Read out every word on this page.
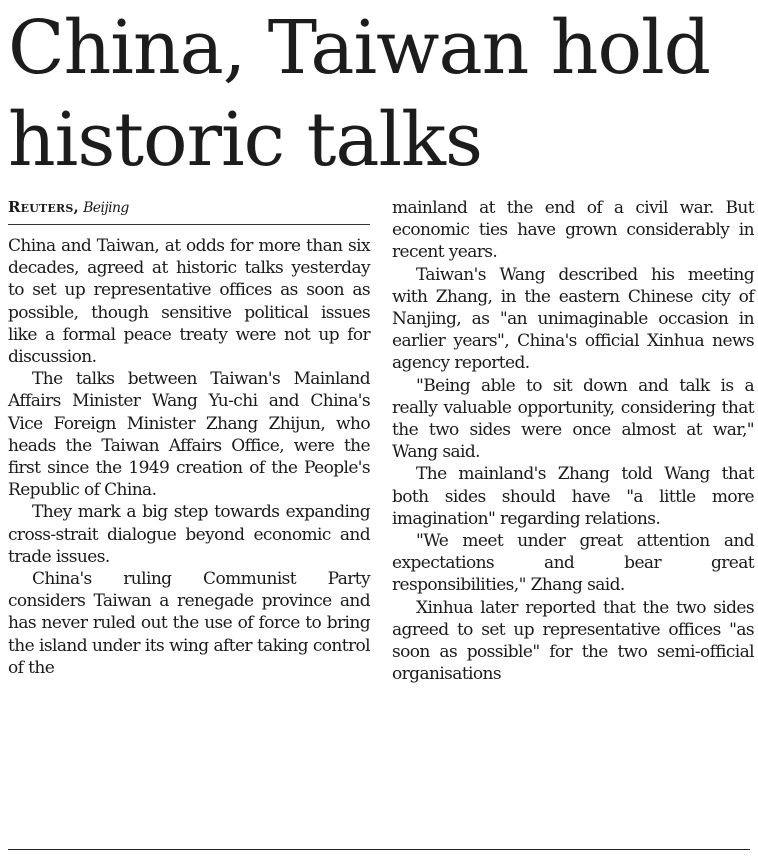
China, Taiwan hold historic talks
Reuters, Beijing

China and Taiwan, at odds for more than six decades, agreed at historic talks yesterday to set up representative offices as soon as possible, though sensitive political issues like a formal peace treaty were not up for discussion.

The talks between Taiwan's Mainland Affairs Minister Wang Yu-chi and China's Vice Foreign Minister Zhang Zhijun, who heads the Taiwan Affairs Office, were the first since the 1949 creation of the People's Republic of China.

They mark a big step towards expanding cross-strait dialogue beyond economic and trade issues.

China's ruling Communist Party considers Taiwan a renegade province and has never ruled out the use of force to bring the island under its wing after taking control of the

mainland at the end of a civil war. But economic ties have grown considerably in recent years.

Taiwan's Wang described his meeting with Zhang, in the eastern Chinese city of Nanjing, as "an unimaginable occasion in earlier years", China's official Xinhua news agency reported.

"Being able to sit down and talk is a really valuable opportunity, considering that the two sides were once almost at war," Wang said.

The mainland's Zhang told Wang that both sides should have "a little more imagination" regarding relations.

"We meet under great attention and expectations and bear great responsibilities," Zhang said.

Xinhua later reported that the two sides agreed to set up representative offices "as soon as possible" for the two semi-official organisations
